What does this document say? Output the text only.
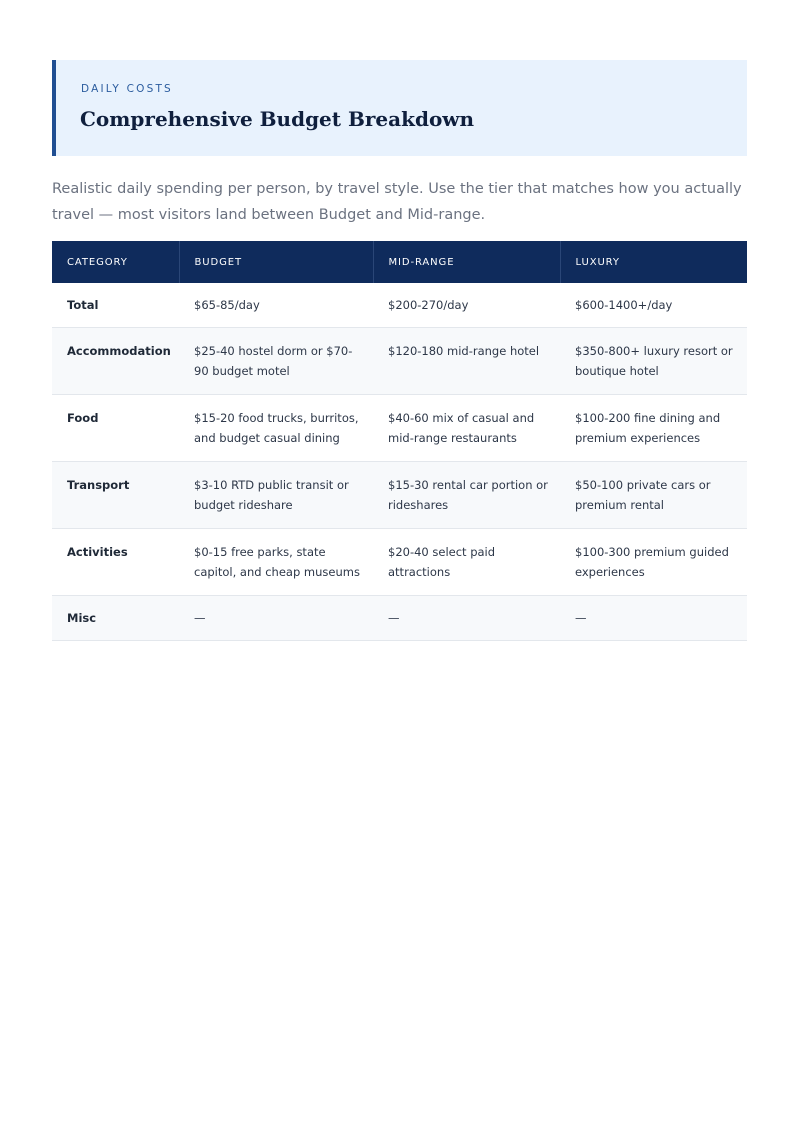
DAILY COSTS
Comprehensive Budget Breakdown

Realistic daily spending per person, by travel style. Use the tier that matches how you actually travel — most visitors land between Budget and Mid-range.

CATEGORY	BUDGET	MID-RANGE	LUXURY
Total	$65-85/day	$200-270/day	$600-1400+/day
Accommodation	$25-40 hostel dorm or $70-90 budget motel	$120-180 mid-range hotel	$350-800+ luxury resort or boutique hotel
Food	$15-20 food trucks, burritos, and budget casual dining	$40-60 mix of casual and mid-range restaurants	$100-200 fine dining and premium experiences
Transport	$3-10 RTD public transit or budget rideshare	$15-30 rental car portion or rideshares	$50-100 private cars or premium rental
Activities	$0-15 free parks, state capitol, and cheap museums	$20-40 select paid attractions	$100-300 premium guided experiences
Misc	—	—	—
